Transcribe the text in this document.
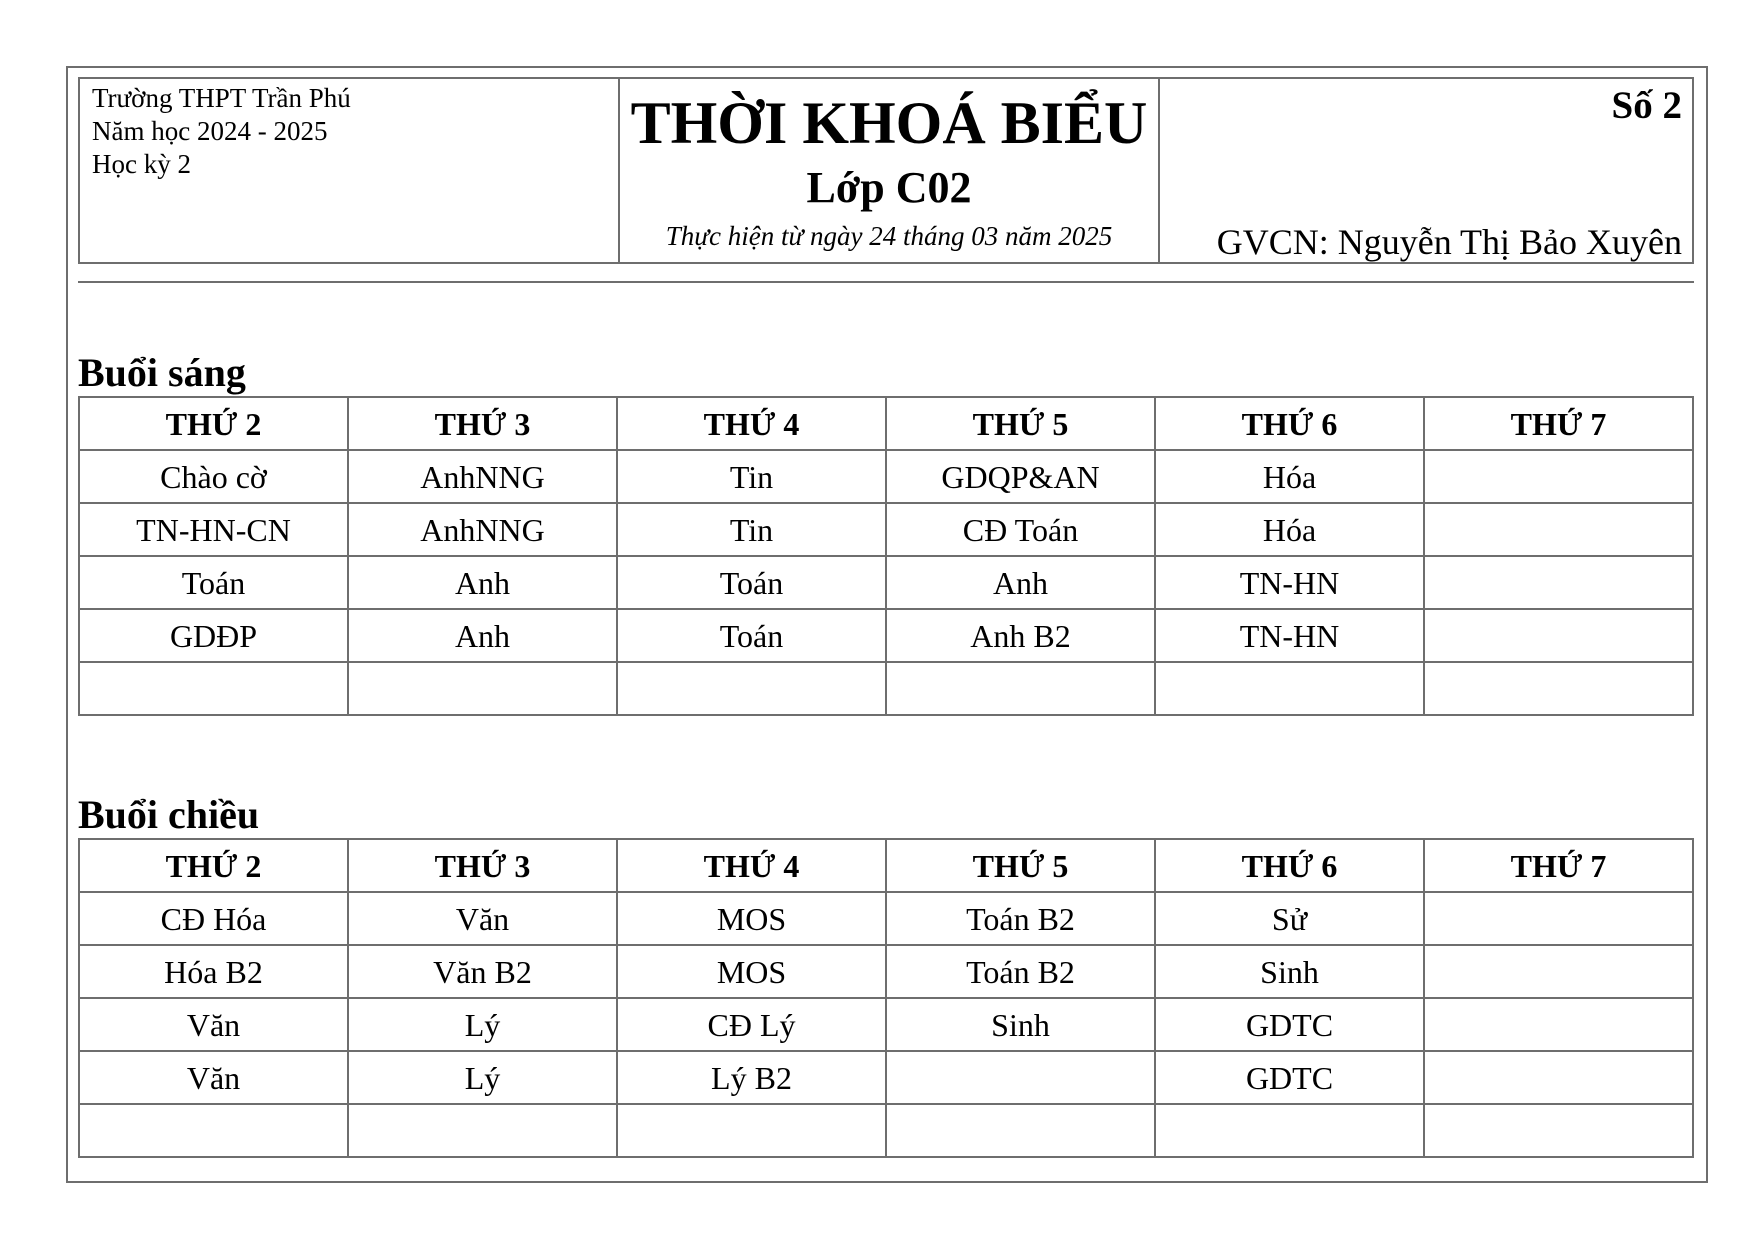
Trường THPT Trần Phú
Năm học 2024 - 2025
Học kỳ 2
THỜI KHOÁ BIỂU
Lớp C02
Thực hiện từ ngày 24 tháng 03 năm 2025
Số 2
GVCN: Nguyễn Thị Bảo Xuyên
Buổi sáng
THỨ 2	THỨ 3	THỨ 4	THỨ 5	THỨ 6	THỨ 7
Chào cờ	AnhNNG	Tin	GDQP&AN	Hóa	
TN-HN-CN	AnhNNG	Tin	CĐ Toán	Hóa	
Toán	Anh	Toán	Anh	TN-HN	
GDĐP	Anh	Toán	Anh B2	TN-HN	

Buổi chiều
THỨ 2	THỨ 3	THỨ 4	THỨ 5	THỨ 6	THỨ 7
CĐ Hóa	Văn	MOS	Toán B2	Sử	
Hóa B2	Văn B2	MOS	Toán B2	Sinh	
Văn	Lý	CĐ Lý	Sinh	GDTC	
Văn	Lý	Lý B2		GDTC	
